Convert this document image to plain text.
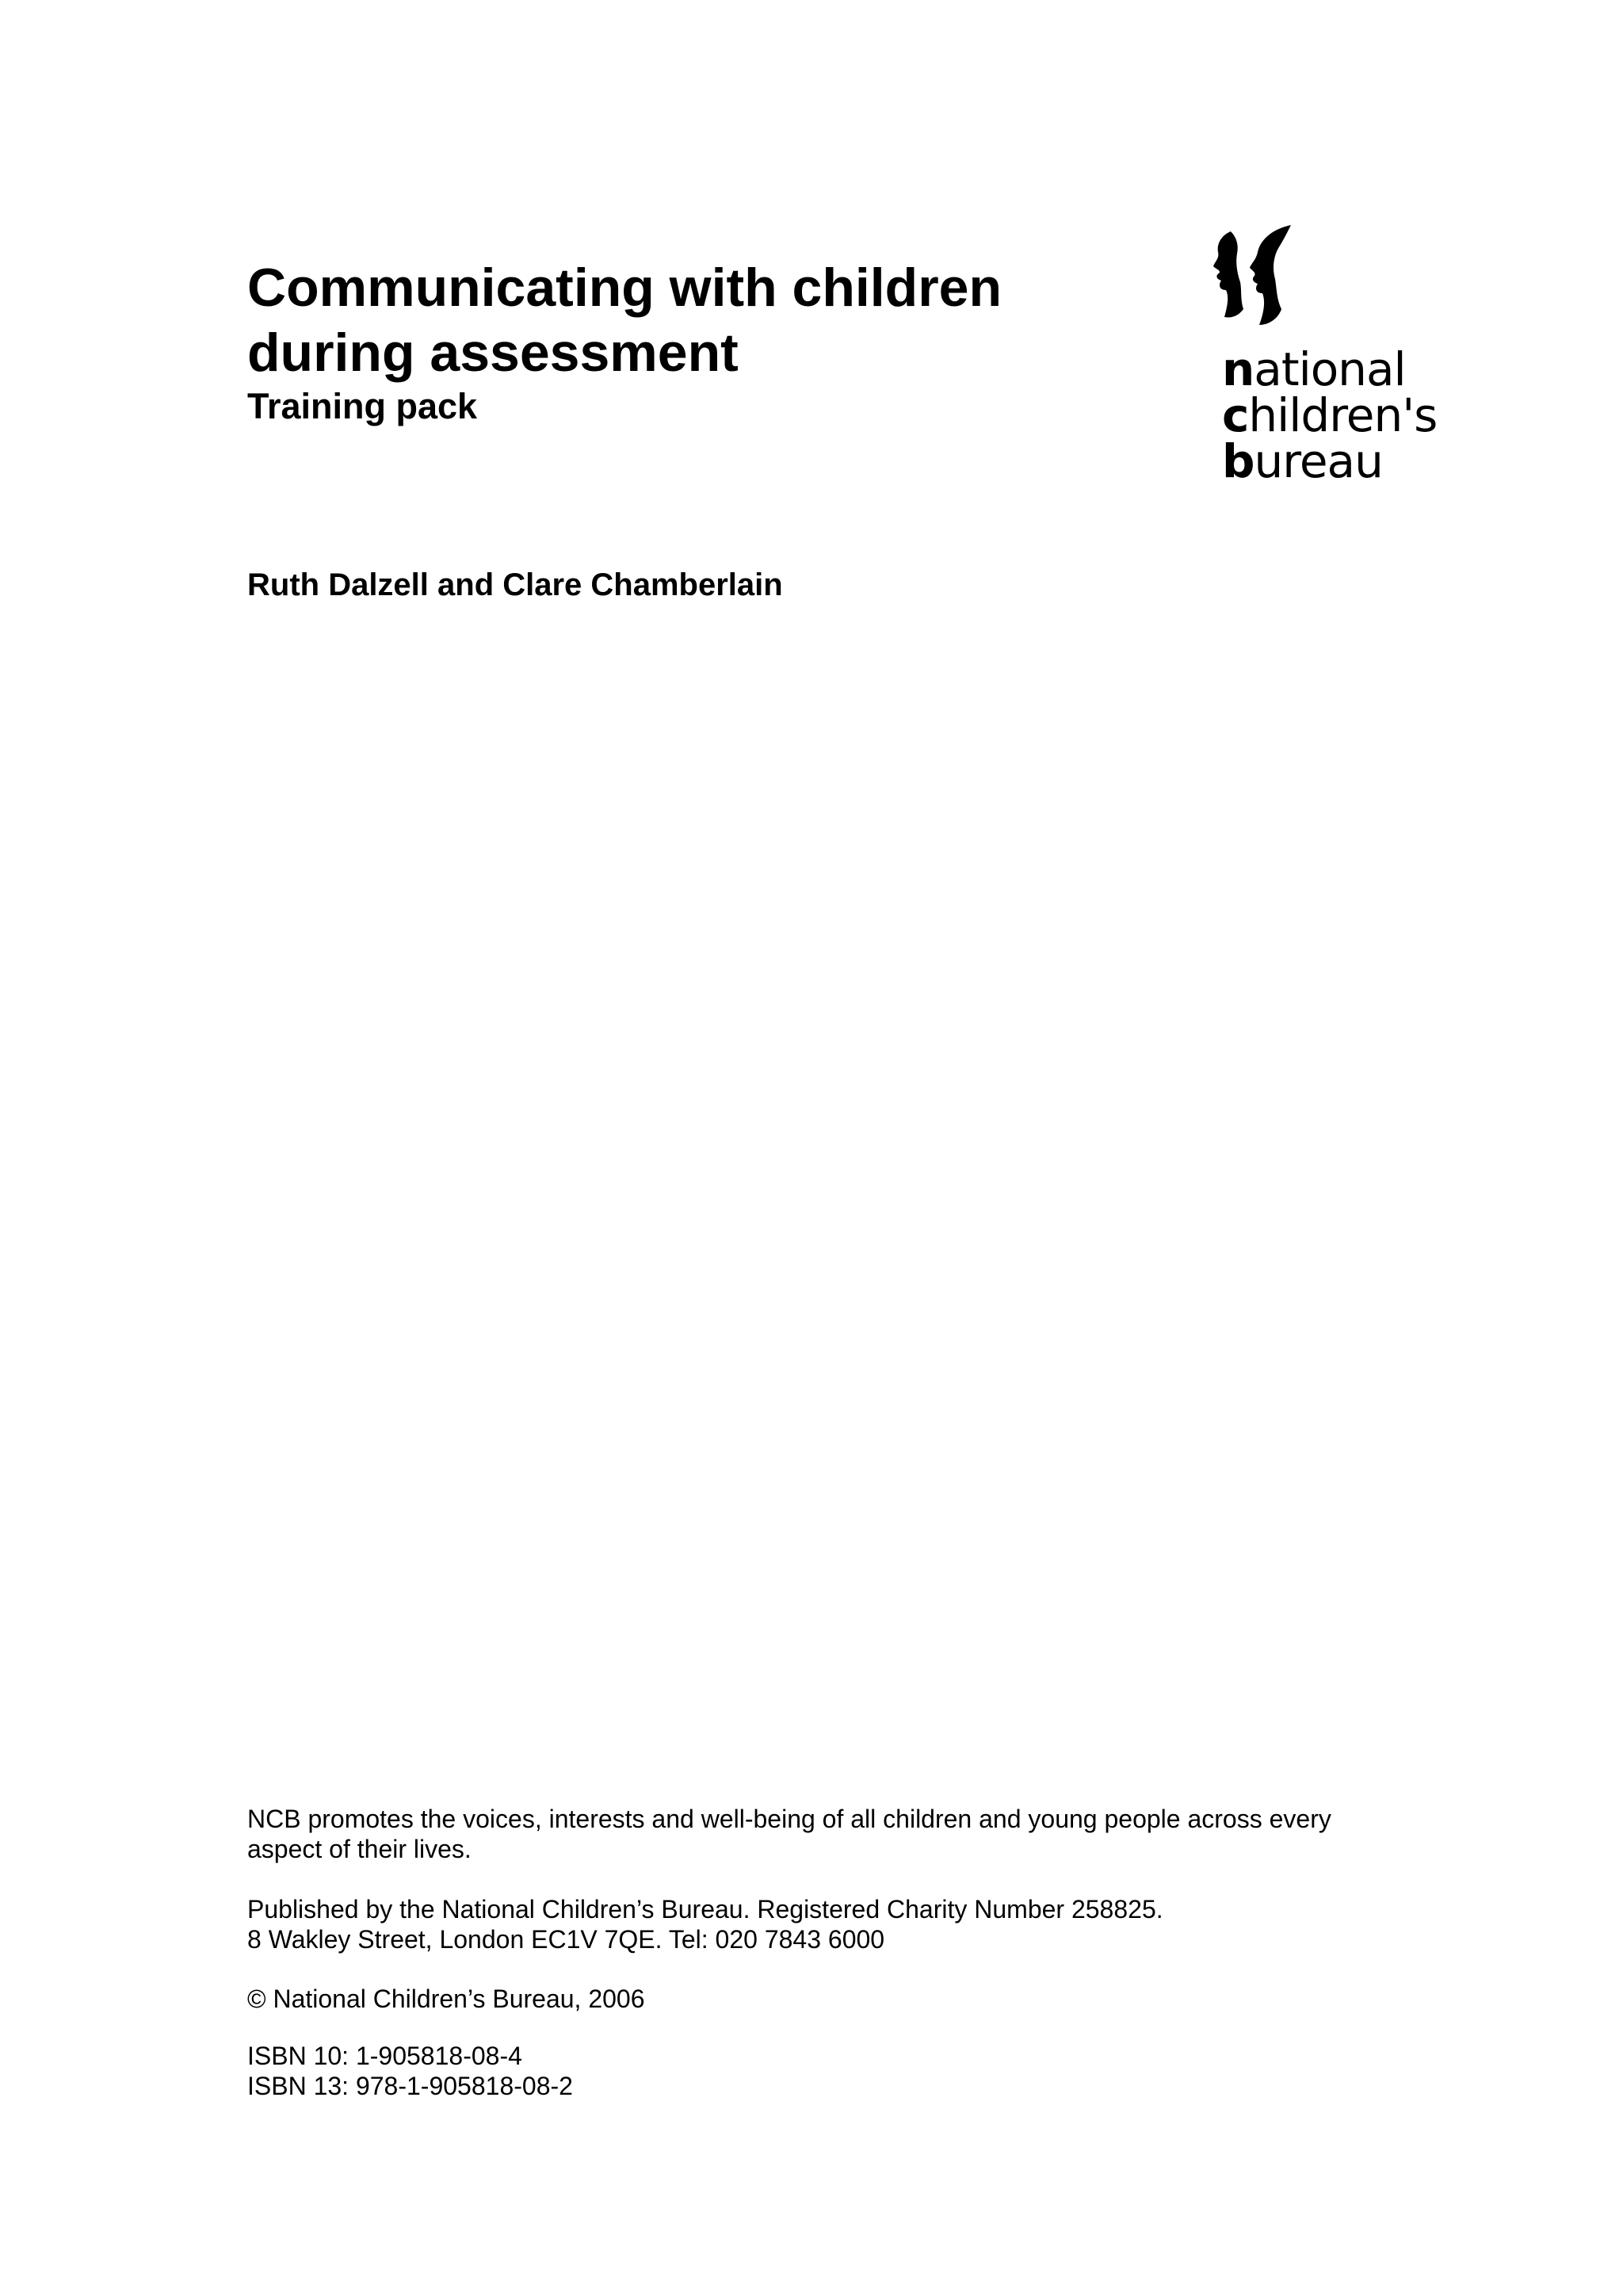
Communicating with children
during assessment

Training pack

Ruth Dalzell and Clare Chamberlain

national
children's
bureau

NCB promotes the voices, interests and well-being of all children and young people across every
aspect of their lives.

Published by the National Children’s Bureau. Registered Charity Number 258825.
8 Wakley Street, London EC1V 7QE. Tel: 020 7843 6000

© National Children’s Bureau, 2006

ISBN 10: 1-905818-08-4
ISBN 13: 978-1-905818-08-2
